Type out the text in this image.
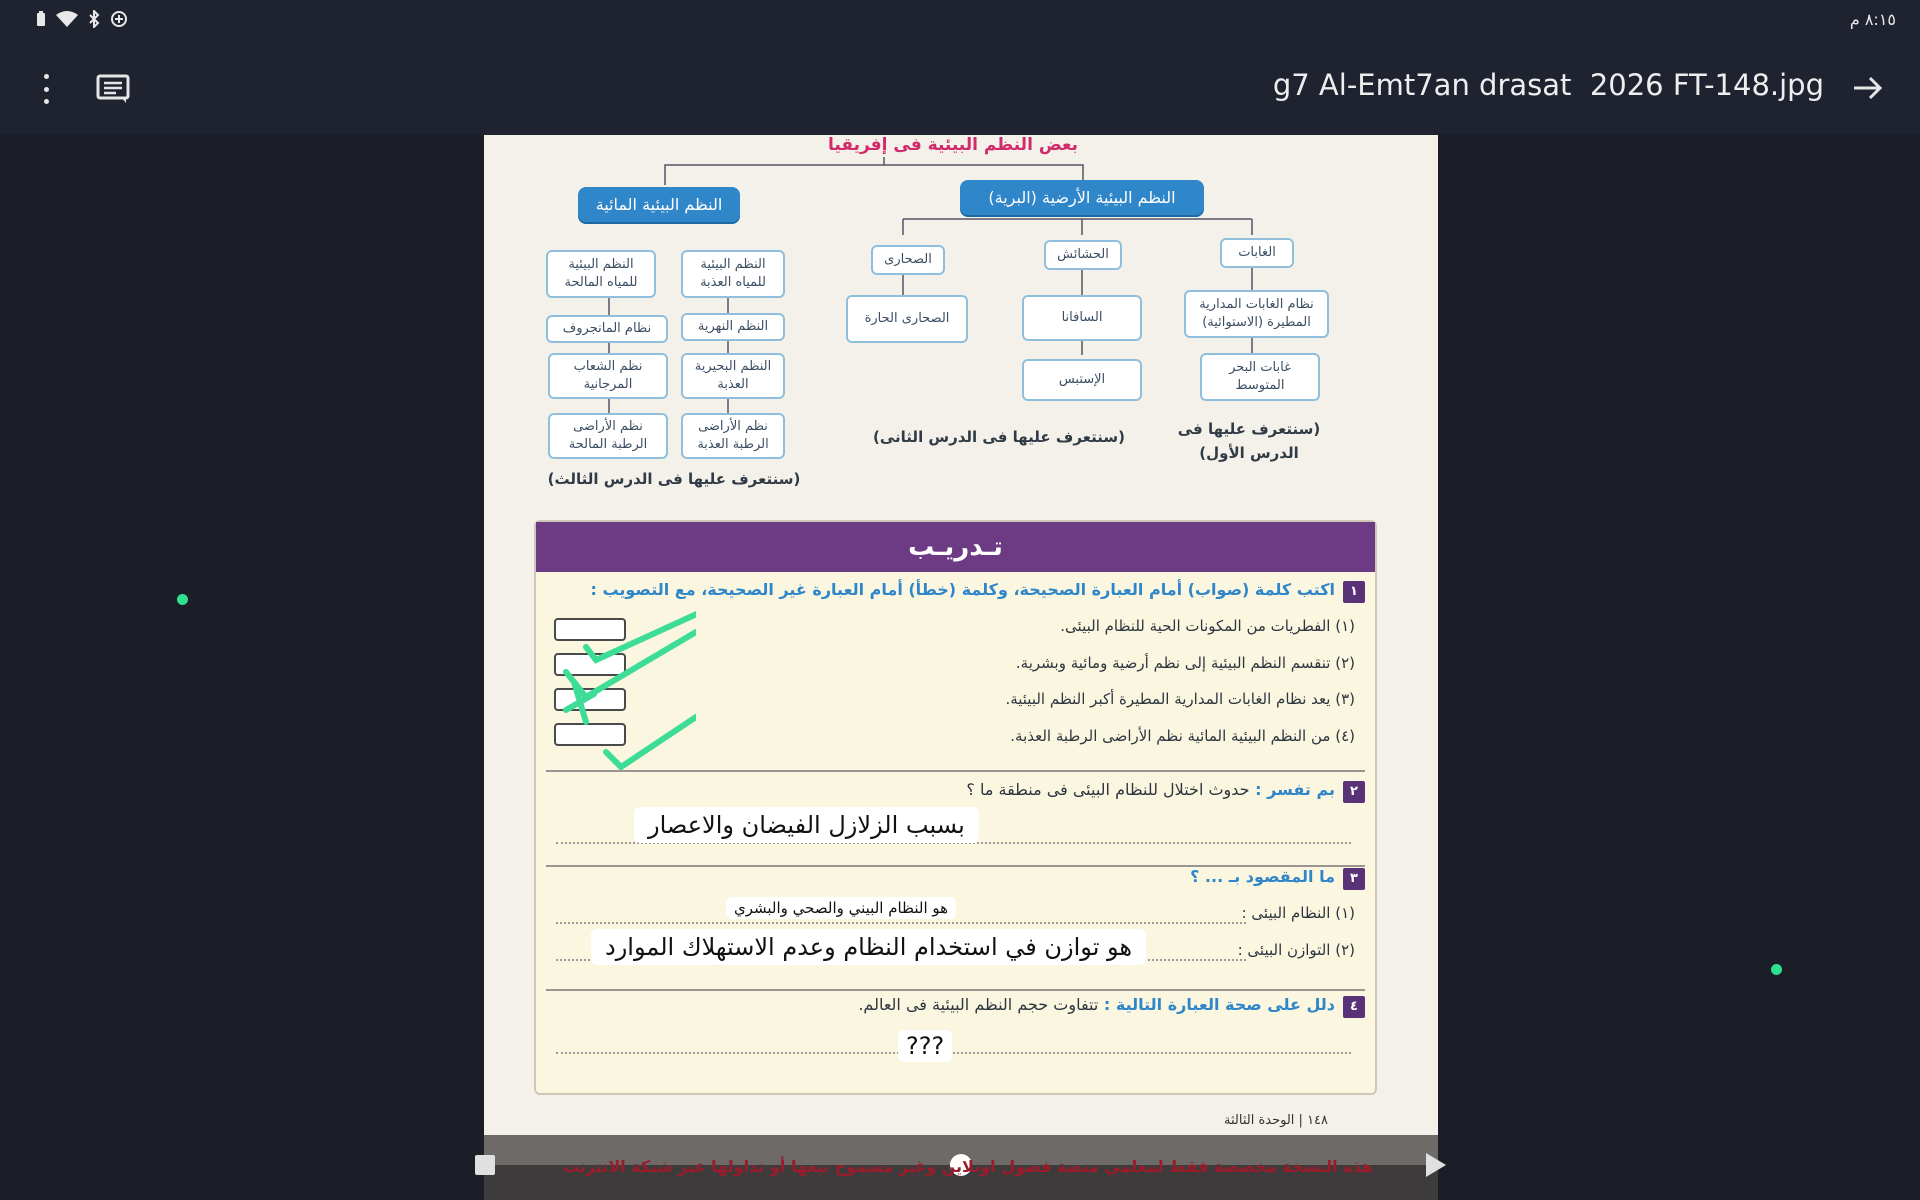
٨:١٥ م
g7 Al-Emt7an drasat  2026 FT-148.jpg
بعض النظم البيئية فى إفريقيا
النظم البيئية المائية
النظم البيئية للمياه العذبة
النظم النهرية
النظم البحيرية العذبة
نظم الأراضى الرطبة العذبة
النظم البيئية للمياه المالحة
نظام المانجروف
نظم الشعاب المرجانية
نظم الأراضى الرطبة المالحة
(سنتعرف عليها فى الدرس الثالث)
النظم البيئية الأرضية (البرية)
الغابات
نظام الغابات المدارية المطيرة (الاستوائية)
غابات البحر المتوسط
الحشائش
السافانا
الإستبس
الصحارى
الصحارى الحارة
(سنتعرف عليها فى الدرس الأول)
(سنتعرف عليها فى الدرس الثانى)
تـدريـب
١اكتب كلمة (صواب) أمام العبارة الصحيحة، وكلمة (خطأ) أمام العبارة غير الصحيحة، مع التصويب :
(١) الفطريات من المكونات الحية للنظام البيئى.
(٢) تنقسم النظم البيئية إلى نظم أرضية ومائية وبشرية.
(٣) يعد نظام الغابات المدارية المطيرة أكبر النظم البيئية.
(٤) من النظم البيئية المائية نظم الأراضى الرطبة العذبة.
٢بم تفسر : حدوث اختلال للنظام البيئى فى منطقة ما ؟
بسبب الزلازل الفيضان والاعصار
٣ما المقصود بـ ... ؟
(١) النظام البيئى :
هو النظام البيني والصحي والبشري
(٢) التوازن البيئى :
هو توازن في استخدام النظام وعدم الاستهلاك الموارد
٤دلل على صحة العبارة التالية : تتفاوت حجم النظم البيئية فى العالم.
???
١٤٨ | الوحدة الثالثة
هذه النسخة مخصصة فقط لمعلمي منصة فصول اونلاين وغير مسموح بيعها أو تداولها عبر شبكة الانترنت
